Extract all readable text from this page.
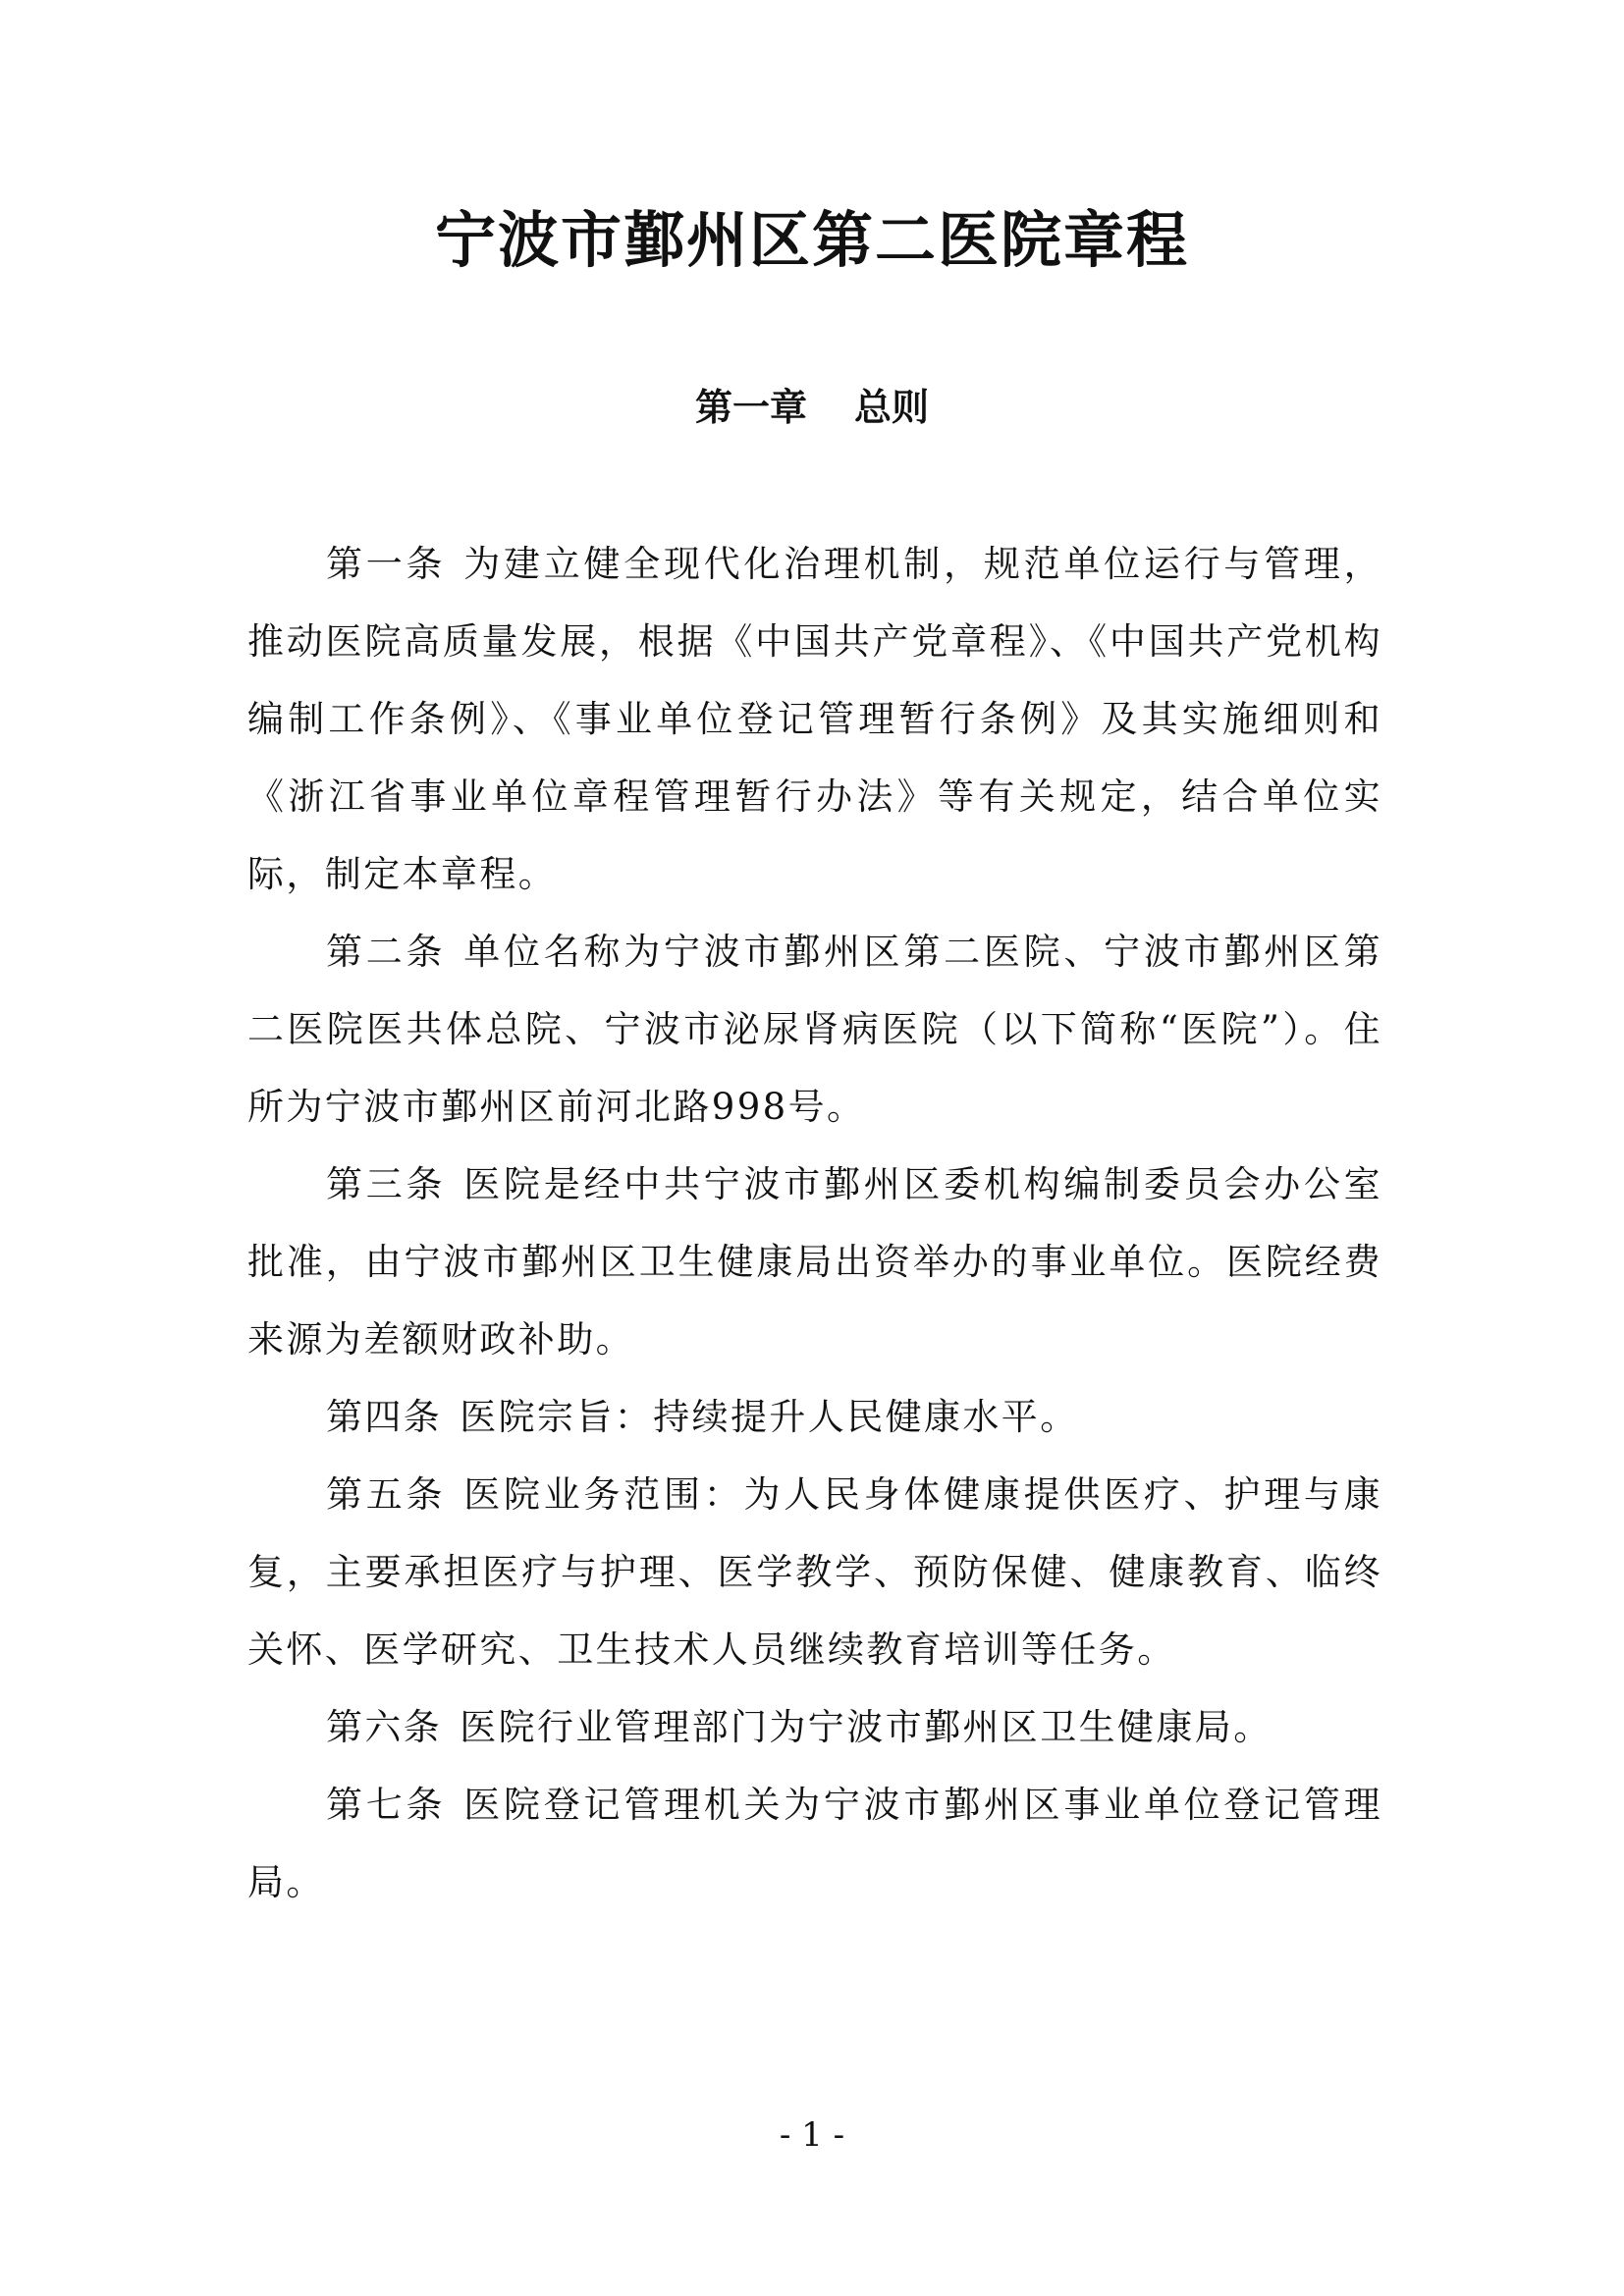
宁波市鄞州区第二医院章程
第一章 总则

第一条 为建立健全现代化治理机制，规范单位运行与管理，推动医院高质量发展，根据《中国共产党章程》、《中国共产党机构编制工作条例》、《事业单位登记管理暂行条例》及其实施细则和《浙江省事业单位章程管理暂行办法》等有关规定，结合单位实际，制定本章程。

第二条 单位名称为宁波市鄞州区第二医院、宁波市鄞州区第二医院医共体总院、宁波市泌尿肾病医院（以下简称“医院”）。住所为宁波市鄞州区前河北路998号。

第三条 医院是经中共宁波市鄞州区委机构编制委员会办公室批准，由宁波市鄞州区卫生健康局出资举办的事业单位。医院经费来源为差额财政补助。

第四条 医院宗旨：持续提升人民健康水平。

第五条 医院业务范围：为人民身体健康提供医疗、护理与康复，主要承担医疗与护理、医学教学、预防保健、健康教育、临终关怀、医学研究、卫生技术人员继续教育培训等任务。

第六条 医院行业管理部门为宁波市鄞州区卫生健康局。

第七条 医院登记管理机关为宁波市鄞州区事业单位登记管理局。

- 1 -
